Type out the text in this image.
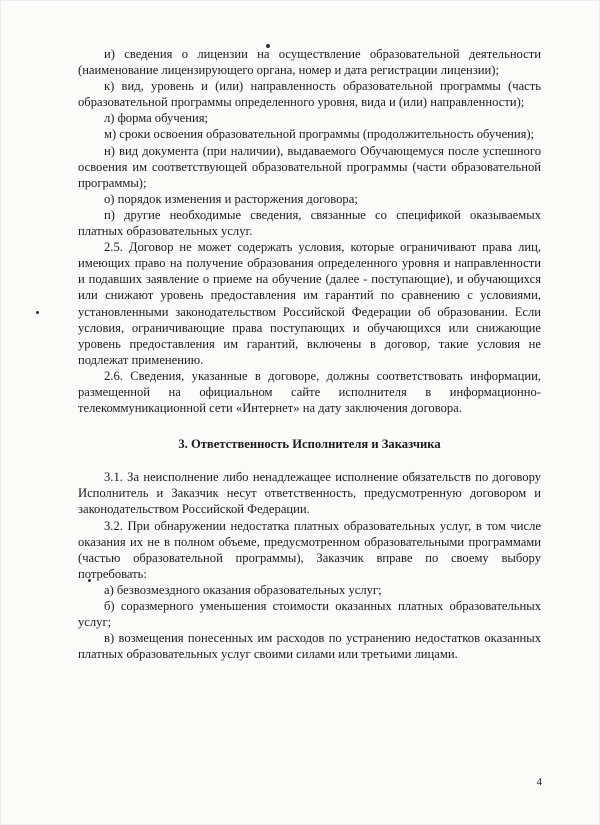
и) сведения о лицензии на осуществление образовательной деятельности (наименование лицензирующего органа, номер и дата регистрации лицензии);

к) вид, уровень и (или) направленность образовательной программы (часть образовательной программы определенного уровня, вида и (или) направленности);

л) форма обучения;

м) сроки освоения образовательной программы (продолжительность обучения);

н) вид документа (при наличии), выдаваемого Обучающемуся после успешного освоения им соответствующей образовательной программы (части образовательной программы);

о) порядок изменения и расторжения договора;

п) другие необходимые сведения, связанные со спецификой оказываемых платных образовательных услуг.

2.5. Договор не может содержать условия, которые ограничивают права лиц, имеющих право на получение образования определенного уровня и направленности и подавших заявление о приеме на обучение (далее - поступающие), и обучающихся или снижают уровень предоставления им гарантий по сравнению с условиями, установленными законодательством Российской Федерации об образовании. Если условия, ограничивающие права поступающих и обучающихся или снижающие уровень предоставления им гарантий, включены в договор, такие условия не подлежат применению.

2.6. Сведения, указанные в договоре, должны соответствовать информации, размещенной на официальном сайте исполнителя в информационно-телекоммуникационной сети «Интернет» на дату заключения договора.

3. Ответственность Исполнителя и Заказчика

3.1. За неисполнение либо ненадлежащее исполнение обязательств по договору Исполнитель и Заказчик несут ответственность, предусмотренную договором и законодательством Российской Федерации.

3.2. При обнаружении недостатка платных образовательных услуг, в том числе оказания их не в полном объеме, предусмотренном образовательными программами (частью образовательной программы), Заказчик вправе по своему выбору потребовать:

а) безвозмездного оказания образовательных услуг;

б) соразмерного уменьшения стоимости оказанных платных образовательных услуг;

в) возмещения понесенных им расходов по устранению недостатков оказанных платных образовательных услуг своими силами или третьими лицами.

4
